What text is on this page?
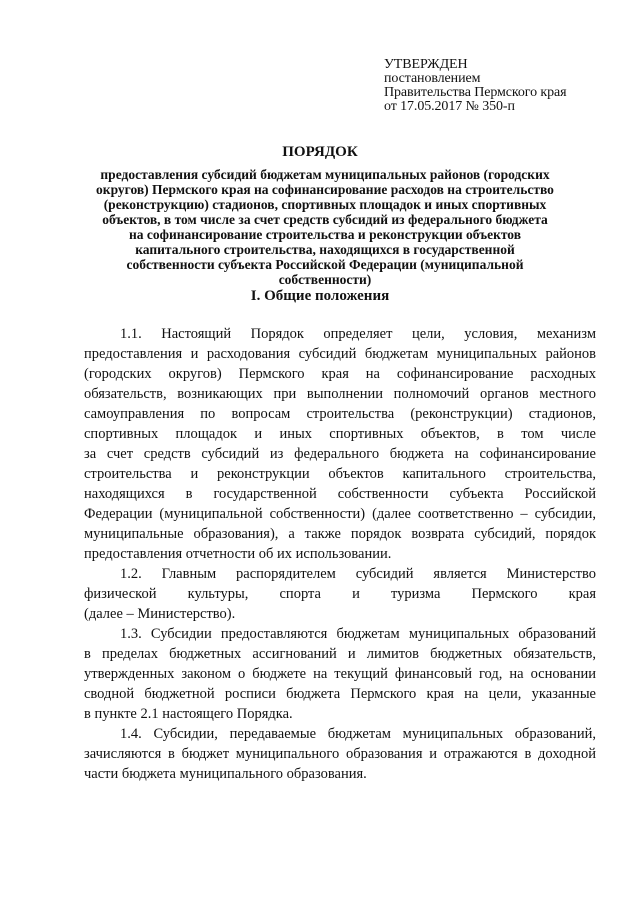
УТВЕРЖДЕН
постановлением
Правительства Пермского края
от 17.05.2017 № 350-п
ПОРЯДОК
предоставления субсидий бюджетам муниципальных районов (городских
округов) Пермского края на софинансирование расходов на строительство
(реконструкцию) стадионов, спортивных площадок и иных спортивных
объектов, в том числе за счет средств субсидий из федерального бюджета
на софинансирование строительства и реконструкции объектов
капитального строительства, находящихся в государственной
собственности субъекта Российской Федерации (муниципальной
собственности)
I. Общие положения
1.1. Настоящий Порядок определяет цели, условия, механизм
предоставления и расходования субсидий бюджетам муниципальных районов
(городских округов) Пермского края на софинансирование расходных
обязательств, возникающих при выполнении полномочий органов местного
самоуправления по вопросам строительства (реконструкции) стадионов,
спортивных площадок и иных спортивных объектов, в том числе
за счет средств субсидий из федерального бюджета на софинансирование
строительства и реконструкции объектов капитального строительства,
находящихся в государственной собственности субъекта Российской
Федерации (муниципальной собственности) (далее соответственно – субсидии,
муниципальные образования), а также порядок возврата субсидий, порядок
предоставления отчетности об их использовании.
1.2. Главным распорядителем субсидий является Министерство
физической культуры, спорта и туризма Пермского края
(далее – Министерство).
1.3. Субсидии предоставляются бюджетам муниципальных образований
в пределах бюджетных ассигнований и лимитов бюджетных обязательств,
утвержденных законом о бюджете на текущий финансовый год, на основании
сводной бюджетной росписи бюджета Пермского края на цели, указанные
в пункте 2.1 настоящего Порядка.
1.4. Субсидии, передаваемые бюджетам муниципальных образований,
зачисляются в бюджет муниципального образования и отражаются в доходной
части бюджета муниципального образования.
